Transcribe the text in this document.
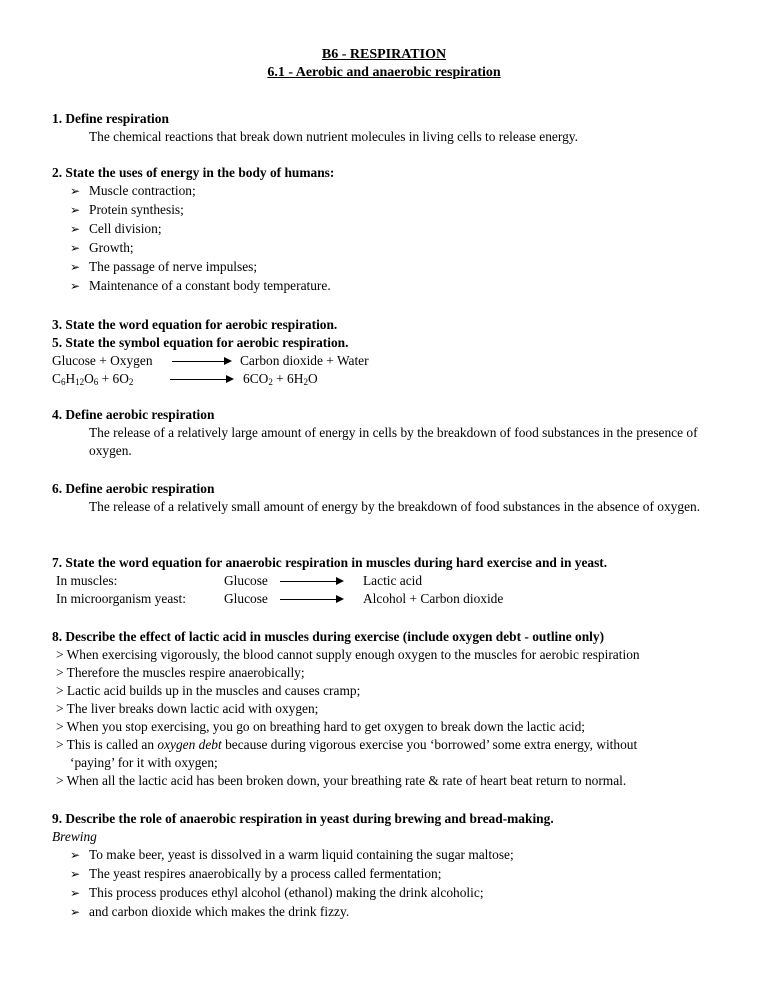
B6 - RESPIRATION
6.1 - Aerobic and anaerobic respiration
1. Define respiration
The chemical reactions that break down nutrient molecules in living cells to release energy.
2. State the uses of energy in the body of humans:
➢ Muscle contraction;
➢ Protein synthesis;
➢ Cell division;
➢ Growth;
➢ The passage of nerve impulses;
➢ Maintenance of a constant body temperature.
3. State the word equation for aerobic respiration.
5. State the symbol equation for aerobic respiration.
Glucose + Oxygen	Carbon dioxide + Water
$C_6H_{12}O_6 + 6O_2$	$6CO_2 + 6H_2O$
4. Define aerobic respiration
The release of a relatively large amount of energy in cells by the breakdown of food substances in the presence of oxygen.
6. Define aerobic respiration
The release of a relatively small amount of energy by the breakdown of food substances in the absence of oxygen.
7. State the word equation for anaerobic respiration in muscles during hard exercise and in yeast.
In muscles:	Glucose	Lactic acid
In microorganism yeast:	Glucose	Alcohol + Carbon dioxide
8. Describe the effect of lactic acid in muscles during exercise (include oxygen debt - outline only)
> When exercising vigorously, the blood cannot supply enough oxygen to the muscles for aerobic respiration
> Therefore the muscles respire anaerobically;
> Lactic acid builds up in the muscles and causes cramp;
> The liver breaks down lactic acid with oxygen;
> When you stop exercising, you go on breathing hard to get oxygen to break down the lactic acid;
> This is called an oxygen debt because during vigorous exercise you ‘borrowed’ some extra energy, without
‘paying’ for it with oxygen;
> When all the lactic acid has been broken down, your breathing rate & rate of heart beat return to normal.
9. Describe the role of anaerobic respiration in yeast during brewing and bread-making.
Brewing
➢ To make beer, yeast is dissolved in a warm liquid containing the sugar maltose;
➢ The yeast respires anaerobically by a process called fermentation;
➢ This process produces ethyl alcohol (ethanol) making the drink alcoholic;
➢ and carbon dioxide which makes the drink fizzy.
